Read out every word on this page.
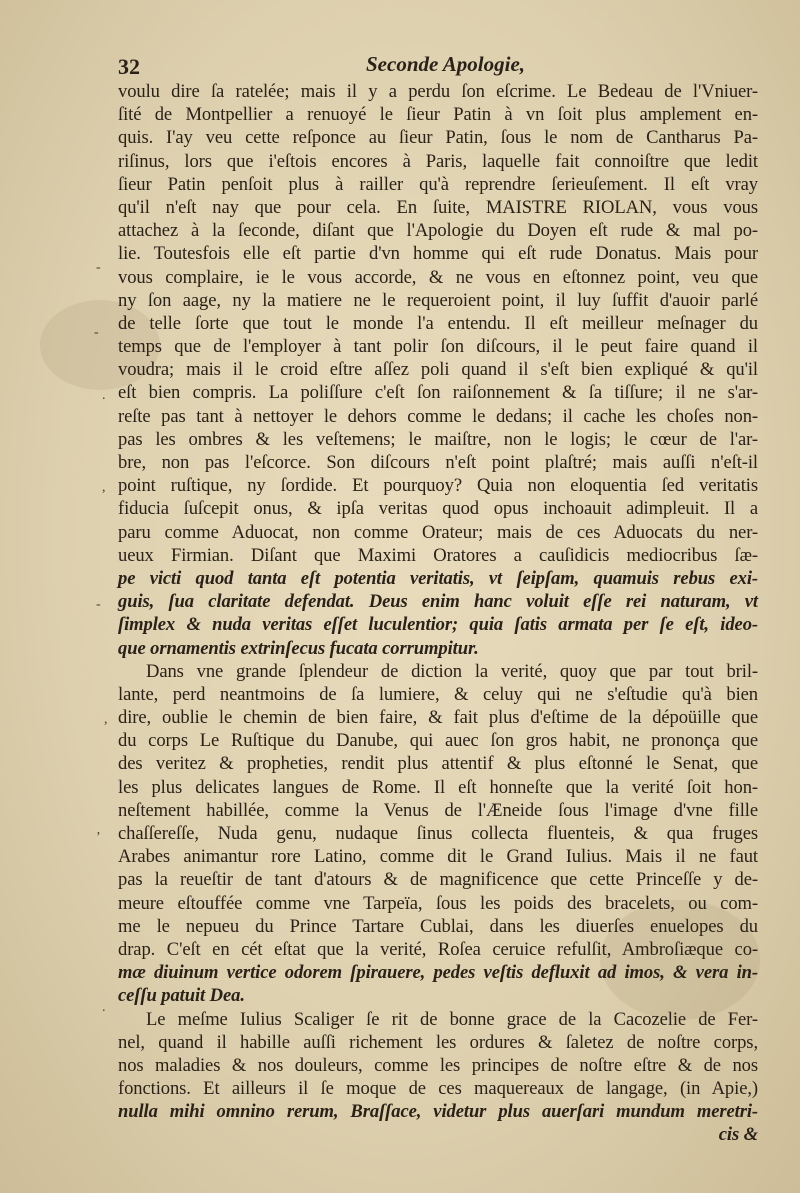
32	Seconde Apologie,
-
-
,
-
.
ʼ
.
,
voulu dire ſa ratelée; mais il y a perdu ſon eſcrime. Le Bedeau de l'Vniuer-
ſité de Montpellier a renuoyé le ſieur Patin à vn ſoit plus amplement en-
quis. I'ay veu cette reſponce au ſieur Patin, ſous le nom de Cantharus Pa-
riſinus, lors que i'eſtois encores à Paris, laquelle fait connoiſtre que ledit
ſieur Patin penſoit plus à railler qu'à reprendre ſerieuſement. Il eſt vray
qu'il n'eſt nay que pour cela. En ſuite, MAISTRE RIOLAN, vous vous
attachez à la ſeconde, diſant que l'Apologie du Doyen eſt rude & mal po-
lie. Toutesfois elle eſt partie d'vn homme qui eſt rude Donatus. Mais pour
vous complaire, ie le vous accorde, & ne vous en eſtonnez point, veu que
ny ſon aage, ny la matiere ne le requeroient point, il luy ſuffit d'auoir parlé
de telle ſorte que tout le monde l'a entendu. Il eſt meilleur meſnager du
temps que de l'employer à tant polir ſon diſcours, il le peut faire quand il
voudra; mais il le croid eſtre aſſez poli quand il s'eſt bien expliqué & qu'il
eſt bien compris. La poliſſure c'eſt ſon raiſonnement & ſa tiſſure; il ne s'ar-
reſte pas tant à nettoyer le dehors comme le dedans; il cache les choſes non-
pas les ombres & les veſtemens; le maiſtre, non le logis; le cœur de l'ar-
bre, non pas l'eſcorce. Son diſcours n'eſt point plaſtré; mais auſſi n'eſt-il
point ruſtique, ny ſordide. Et pourquoy? Quia non eloquentia ſed veritatis
fiducia ſuſcepit onus, & ipſa veritas quod opus inchoauit adimpleuit. Il a
paru comme Aduocat, non comme Orateur; mais de ces Aduocats du ner-
ueux Firmian. Diſant que Maximi Oratores a cauſidicis mediocribus ſæ-
pe victi quod tanta eſt potentia veritatis, vt ſeipſam, quamuis rebus exi-
guis, ſua claritate defendat. Deus enim hanc voluit eſſe rei naturam, vt
ſimplex & nuda veritas eſſet luculentior; quia ſatis armata per ſe eſt, ideo-
que ornamentis extrinſecus fucata corrumpitur.
Dans vne grande ſplendeur de diction la verité, quoy que par tout bril-
lante, perd neantmoins de ſa lumiere, & celuy qui ne s'eſtudie qu'à bien
dire, oublie le chemin de bien faire, & fait plus d'eſtime de la dépoüille que
du corps Le Ruſtique du Danube, qui auec ſon gros habit, ne prononça que
des veritez & propheties, rendit plus attentif & plus eſtonné le Senat, que
les plus delicates langues de Rome. Il eſt honneſte que la verité ſoit hon-
neſtement habillée, comme la Venus de l'Æneide ſous l'image d'vne fille
chaſſereſſe, Nuda genu, nudaque ſinus collecta fluenteis, & qua fruges
Arabes animantur rore Latino, comme dit le Grand Iulius. Mais il ne faut
pas la reueſtir de tant d'atours & de magnificence que cette Princeſſe y de-
meure eſtouffée comme vne Tarpeïa, ſous les poids des bracelets, ou com-
me le nepueu du Prince Tartare Cublai, dans les diuerſes enuelopes du
drap. C'eſt en cét eſtat que la verité, Roſea ceruice refulſit, Ambroſiæque co-
mæ diuinum vertice odorem ſpirauere, pedes veſtis defluxit ad imos, & vera in-
ceſſu patuit Dea.
Le meſme Iulius Scaliger ſe rit de bonne grace de la Cacozelie de Fer-
nel, quand il habille auſſi richement les ordures & ſaletez de noſtre corps,
nos maladies & nos douleurs, comme les principes de noſtre eſtre & de nos
fonctions. Et ailleurs il ſe moque de ces maquereaux de langage, (in Apie,)
nulla mihi omnino rerum, Braſſace, videtur plus auerſari mundum meretri-
cis &
